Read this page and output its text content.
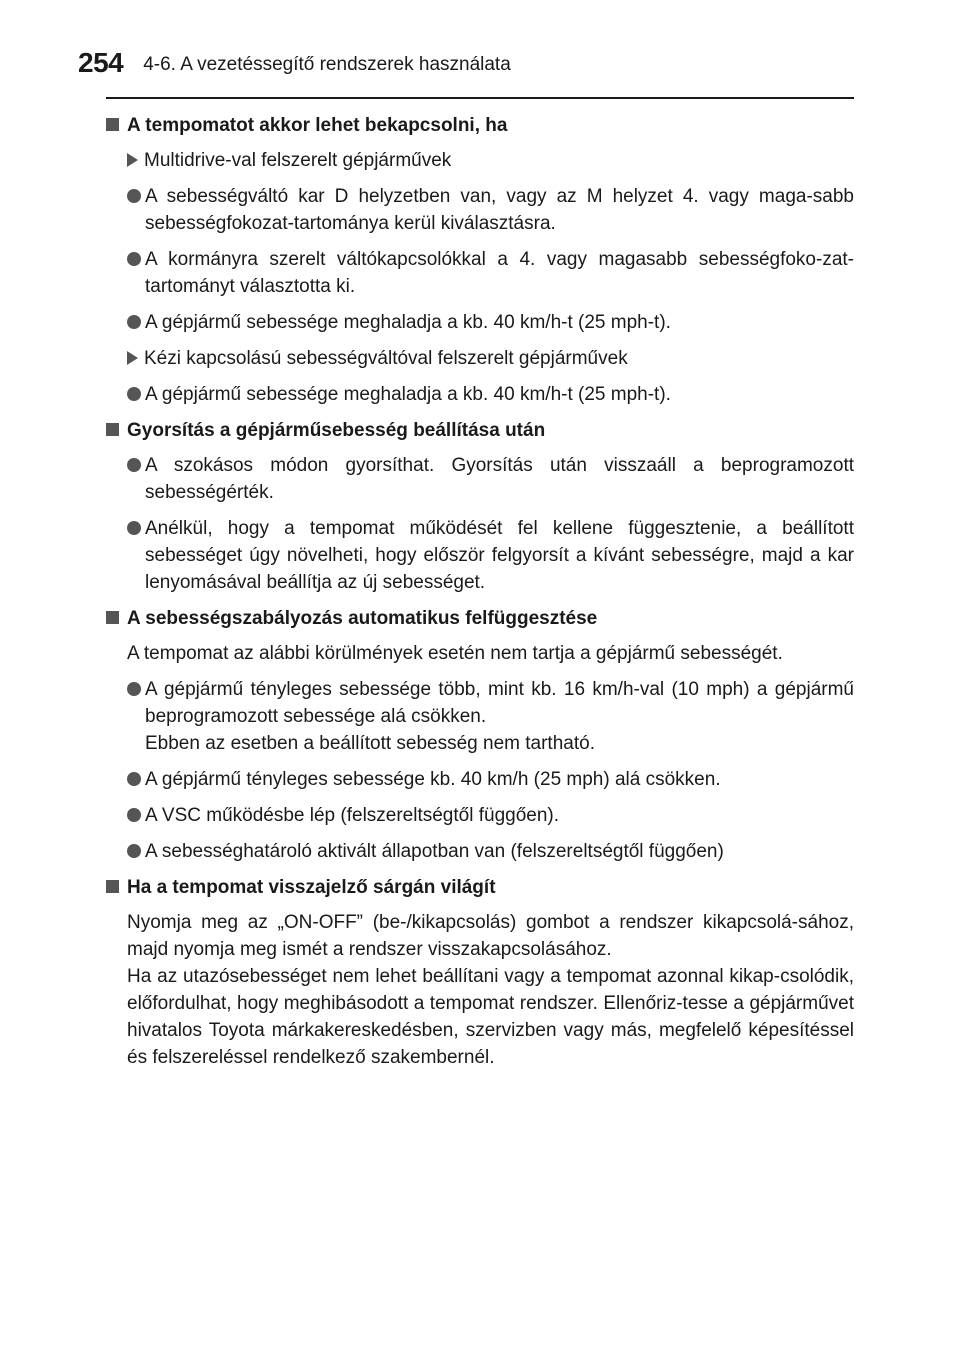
254 4-6. A vezetéssegítő rendszerek használata
A tempomatot akkor lehet bekapcsolni, ha
Multidrive-val felszerelt gépjárművek
A sebességváltó kar D helyzetben van, vagy az M helyzet 4. vagy maga-sabb sebességfokozat-tartománya kerül kiválasztásra.
A kormányra szerelt váltókapcsolókkal a 4. vagy magasabb sebességfoko-zat-tartományt választotta ki.
A gépjármű sebessége meghaladja a kb. 40 km/h-t (25 mph-t).
Kézi kapcsolású sebességváltóval felszerelt gépjárművek
A gépjármű sebessége meghaladja a kb. 40 km/h-t (25 mph-t).
Gyorsítás a gépjárműsebesség beállítása után
A szokásos módon gyorsíthat. Gyorsítás után visszaáll a beprogramozott sebességérték.
Anélkül, hogy a tempomat működését fel kellene függesztenie, a beállított sebességet úgy növelheti, hogy először felgyorsít a kívánt sebességre, majd a kar lenyomásával beállítja az új sebességet.
A sebességszabályozás automatikus felfüggesztése
A tempomat az alábbi körülmények esetén nem tartja a gépjármű sebességét.
A gépjármű tényleges sebessége több, mint kb. 16 km/h-val (10 mph) a gépjármű beprogramozott sebessége alá csökken.
Ebben az esetben a beállított sebesség nem tartható.
A gépjármű tényleges sebessége kb. 40 km/h (25 mph) alá csökken.
A VSC működésbe lép (felszereltségtől függően).
A sebességhatároló aktivált állapotban van (felszereltségtől függően)
Ha a tempomat visszajelző sárgán világít
Nyomja meg az „ON-OFF” (be-/kikapcsolás) gombot a rendszer kikapcsolá-sához, majd nyomja meg ismét a rendszer visszakapcsolásához.
Ha az utazósebességet nem lehet beállítani vagy a tempomat azonnal kikap-csolódik, előfordulhat, hogy meghibásodott a tempomat rendszer. Ellenőriz-tesse a gépjárművet hivatalos Toyota márkakereskedésben, szervizben vagy más, megfelelő képesítéssel és felszereléssel rendelkező szakembernél.
